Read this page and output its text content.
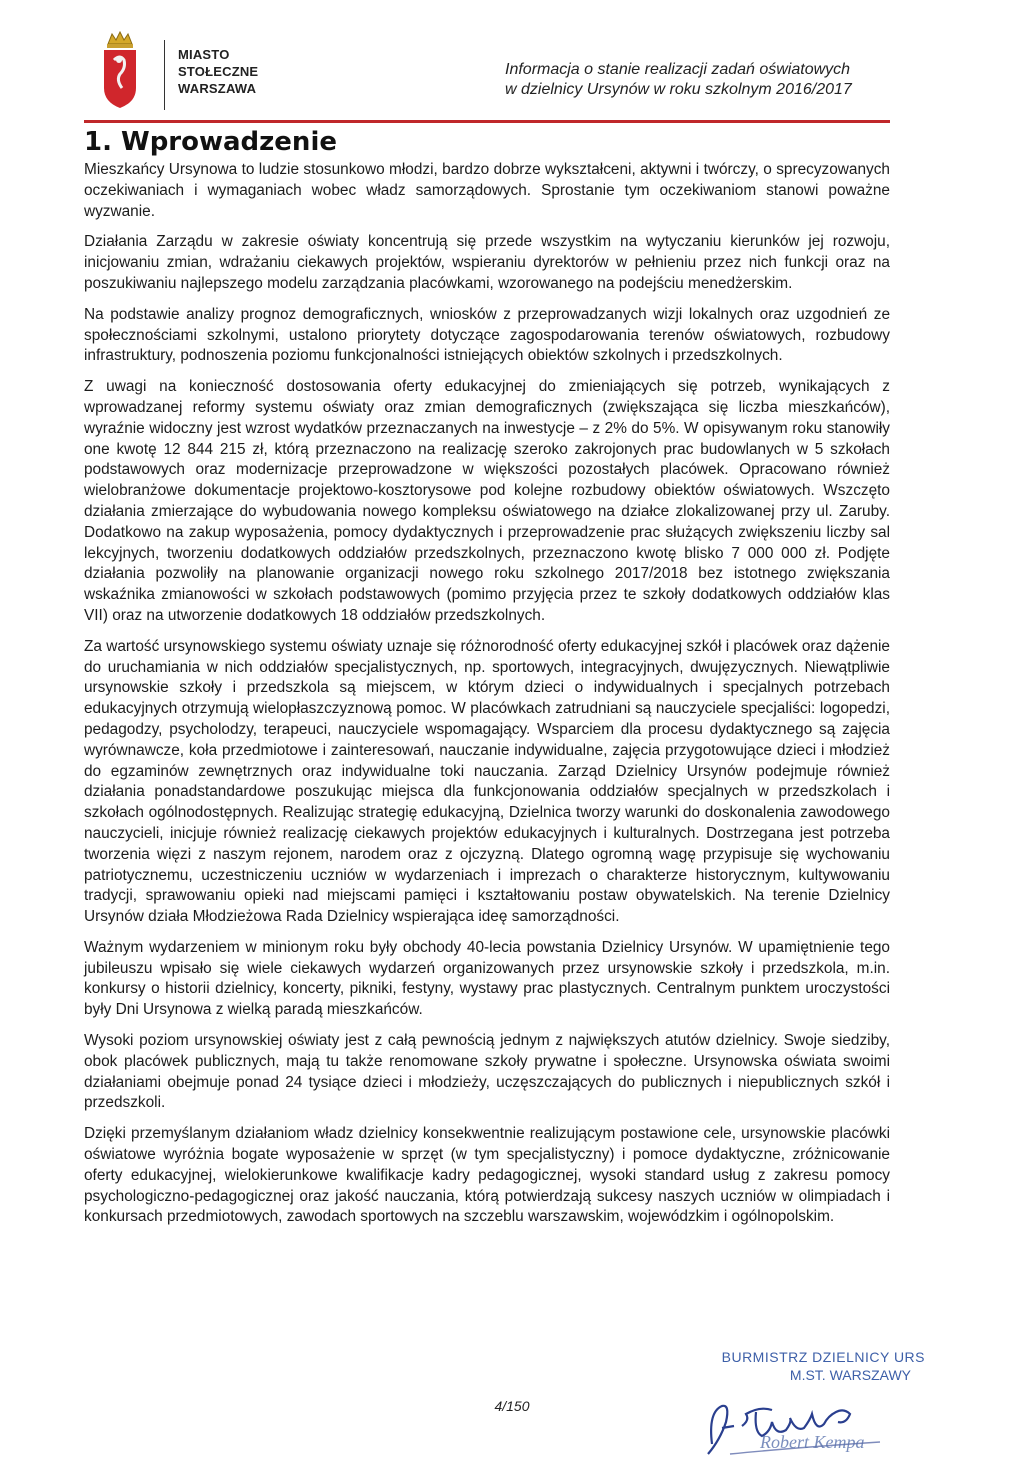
MIASTO
STOŁECZNE
WARSZAWA
Informacja o stanie realizacji zadań oświatowych
w dzielnicy Ursynów w roku szkolnym 2016/2017
1. Wprowadzenie

Mieszkańcy Ursynowa to ludzie stosunkowo młodzi, bardzo dobrze wykształceni, aktywni i twórczy, o sprecyzowanych oczekiwaniach i wymaganiach wobec władz samorządowych. Sprostanie tym oczekiwaniom stanowi poważne wyzwanie.

Działania Zarządu w zakresie oświaty koncentrują się przede wszystkim na wytyczaniu kierunków jej rozwoju, inicjowaniu zmian, wdrażaniu ciekawych projektów, wspieraniu dyrektorów w pełnieniu przez nich funkcji oraz na poszukiwaniu najlepszego modelu zarządzania placówkami, wzorowanego na podejściu menedżerskim.

Na podstawie analizy prognoz demograficznych, wniosków z przeprowadzanych wizji lokalnych oraz uzgodnień ze społecznościami szkolnymi, ustalono priorytety dotyczące zagospodarowania terenów oświatowych, rozbudowy infrastruktury, podnoszenia poziomu funkcjonalności istniejących obiektów szkolnych i przedszkolnych.

Z uwagi na konieczność dostosowania oferty edukacyjnej do zmieniających się potrzeb, wynikających z wprowadzanej reformy systemu oświaty oraz zmian demograficznych (zwiększająca się liczba mieszkańców), wyraźnie widoczny jest wzrost wydatków przeznaczanych na inwestycje – z 2% do 5%. W opisywanym roku stanowiły one kwotę 12 844 215 zł, którą przeznaczono na realizację szeroko zakrojonych prac budowlanych w 5 szkołach podstawowych oraz modernizacje przeprowadzone w większości pozostałych placówek. Opracowano również wielobranżowe dokumentacje projektowo-kosztorysowe pod kolejne rozbudowy obiektów oświatowych. Wszczęto działania zmierzające do wybudowania nowego kompleksu oświatowego na działce zlokalizowanej przy ul. Zaruby. Dodatkowo na zakup wyposażenia, pomocy dydaktycznych i przeprowadzenie prac służących zwiększeniu liczby sal lekcyjnych, tworzeniu dodatkowych oddziałów przedszkolnych, przeznaczono kwotę blisko 7 000 000 zł. Podjęte działania pozwoliły na planowanie organizacji nowego roku szkolnego 2017/2018 bez istotnego zwiększania wskaźnika zmianowości w szkołach podstawowych (pomimo przyjęcia przez te szkoły dodatkowych oddziałów klas VII) oraz na utworzenie dodatkowych 18 oddziałów przedszkolnych.

Za wartość ursynowskiego systemu oświaty uznaje się różnorodność oferty edukacyjnej szkół i placówek oraz dążenie do uruchamiania w nich oddziałów specjalistycznych, np. sportowych, integracyjnych, dwujęzycznych. Niewątpliwie ursynowskie szkoły i przedszkola są miejscem, w którym dzieci o indywidualnych i specjalnych potrzebach edukacyjnych otrzymują wielopłaszczyznową pomoc. W placówkach zatrudniani są nauczyciele specjaliści: logopedzi, pedagodzy, psycholodzy, terapeuci, nauczyciele wspomagający. Wsparciem dla procesu dydaktycznego są zajęcia wyrównawcze, koła przedmiotowe i zainteresowań, nauczanie indywidualne, zajęcia przygotowujące dzieci i młodzież do egzaminów zewnętrznych oraz indywidualne toki nauczania. Zarząd Dzielnicy Ursynów podejmuje również działania ponadstandardowe poszukując miejsca dla funkcjonowania oddziałów specjalnych w przedszkolach i szkołach ogólnodostępnych. Realizując strategię edukacyjną, Dzielnica tworzy warunki do doskonalenia zawodowego nauczycieli, inicjuje również realizację ciekawych projektów edukacyjnych i kulturalnych. Dostrzegana jest potrzeba tworzenia więzi z naszym rejonem, narodem oraz z ojczyzną. Dlatego ogromną wagę przypisuje się wychowaniu patriotycznemu, uczestniczeniu uczniów w wydarzeniach i imprezach o charakterze historycznym, kultywowaniu tradycji, sprawowaniu opieki nad miejscami pamięci i kształtowaniu postaw obywatelskich. Na terenie Dzielnicy Ursynów działa Młodzieżowa Rada Dzielnicy wspierająca ideę samorządności.

Ważnym wydarzeniem w minionym roku były obchody 40-lecia powstania Dzielnicy Ursynów. W upamiętnienie tego jubileuszu wpisało się wiele ciekawych wydarzeń organizowanych przez ursynowskie szkoły i przedszkola, m.in. konkursy o historii dzielnicy, koncerty, pikniki, festyny, wystawy prac plastycznych. Centralnym punktem uroczystości były Dni Ursynowa z wielką paradą mieszkańców.

Wysoki poziom ursynowskiej oświaty jest z całą pewnością jednym z największych atutów dzielnicy. Swoje siedziby, obok placówek publicznych, mają tu także renomowane szkoły prywatne i społeczne. Ursynowska oświata swoimi działaniami obejmuje ponad 24 tysiące dzieci i młodzieży, uczęszczających do publicznych i niepublicznych szkół i przedszkoli.

Dzięki przemyślanym działaniom władz dzielnicy konsekwentnie realizującym postawione cele, ursynowskie placówki oświatowe wyróżnia bogate wyposażenie w sprzęt (w tym specjalistyczny) i pomoce dydaktyczne, zróżnicowanie oferty edukacyjnej, wielokierunkowe kwalifikacje kadry pedagogicznej, wysoki standard usług z zakresu pomocy psychologiczno-pedagogicznej oraz jakość nauczania, którą potwierdzają sukcesy naszych uczniów w olimpiadach i konkursach przedmiotowych, zawodach sportowych na szczeblu warszawskim, wojewódzkim i ogólnopolskim.

BURMISTRZ DZIELNICY URS
M.ST. WARSZAWY
4/150
Robert Kempa
